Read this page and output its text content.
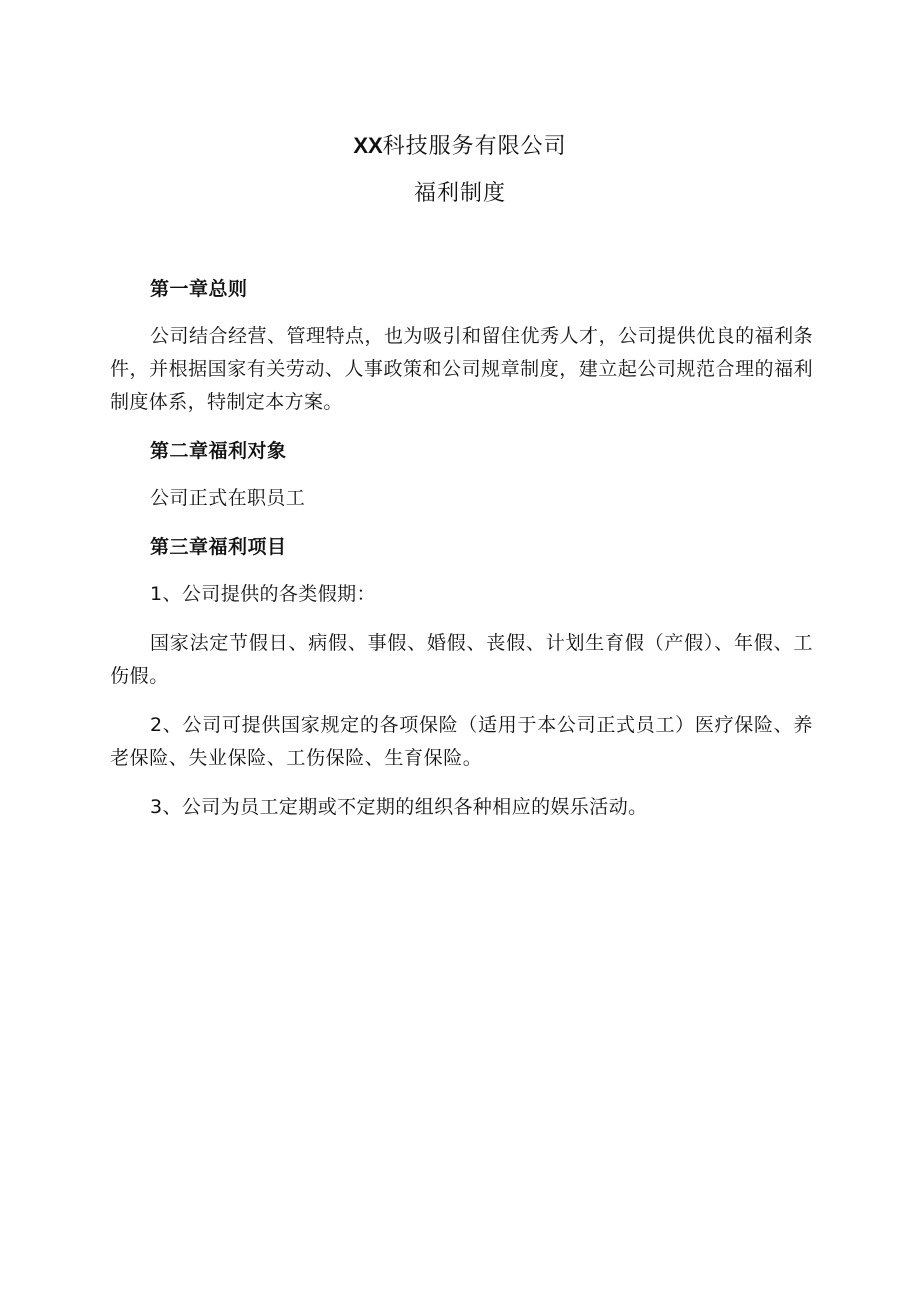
XX科技服务有限公司
福利制度

第一章总则

公司结合经营、管理特点，也为吸引和留住优秀人才，公司提供优良的福利条件，并根据国家有关劳动、人事政策和公司规章制度，建立起公司规范合理的福利制度体系，特制定本方案。

第二章福利对象

公司正式在职员工

第三章福利项目

1、公司提供的各类假期：

国家法定节假日、病假、事假、婚假、丧假、计划生育假（产假）、年假、工伤假。

2、公司可提供国家规定的各项保险（适用于本公司正式员工）医疗保险、养老保险、失业保险、工伤保险、生育保险。

3、公司为员工定期或不定期的组织各种相应的娱乐活动。
